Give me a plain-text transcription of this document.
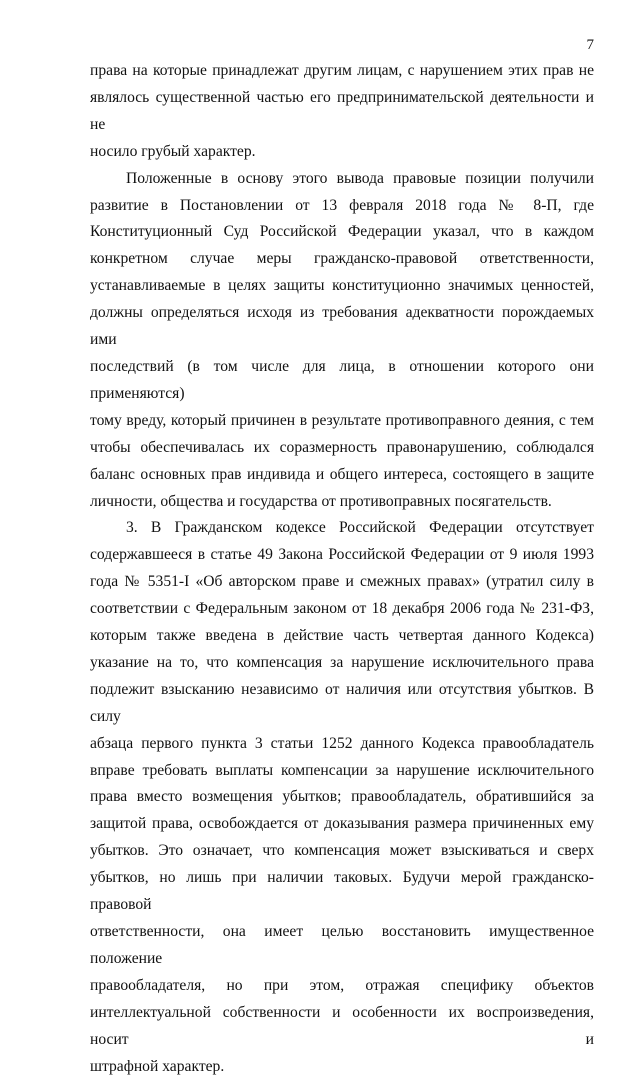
7

права на которые принадлежат другим лицам, с нарушением этих прав не
являлось существенной частью его предпринимательской деятельности и не
носило грубый характер.

Положенные в основу этого вывода правовые позиции получили
развитие в Постановлении от 13 февраля 2018 года № 8-П, где
Конституционный Суд Российской Федерации указал, что в каждом
конкретном случае меры гражданско-правовой ответственности,
устанавливаемые в целях защиты конституционно значимых ценностей,
должны определяться исходя из требования адекватности порождаемых ими
последствий (в том числе для лица, в отношении которого они применяются)
тому вреду, который причинен в результате противоправного деяния, с тем
чтобы обеспечивалась их соразмерность правонарушению, соблюдался
баланс основных прав индивида и общего интереса, состоящего в защите
личности, общества и государства от противоправных посягательств.

3. В Гражданском кодексе Российской Федерации отсутствует
содержавшееся в статье 49 Закона Российской Федерации от 9 июля 1993
года № 5351-I «Об авторском праве и смежных правах» (утратил силу в
соответствии с Федеральным законом от 18 декабря 2006 года № 231-ФЗ,
которым также введена в действие часть четвертая данного Кодекса)
указание на то, что компенсация за нарушение исключительного права
подлежит взысканию независимо от наличия или отсутствия убытков. В силу
абзаца первого пункта 3 статьи 1252 данного Кодекса правообладатель
вправе требовать выплаты компенсации за нарушение исключительного
права вместо возмещения убытков; правообладатель, обратившийся за
защитой права, освобождается от доказывания размера причиненных ему
убытков. Это означает, что компенсация может взыскиваться и сверх
убытков, но лишь при наличии таковых. Будучи мерой гражданско-правовой
ответственности, она имеет целью восстановить имущественное положение
правообладателя, но при этом, отражая специфику объектов
интеллектуальной собственности и особенности их воспроизведения, носит и
штрафной характер.
